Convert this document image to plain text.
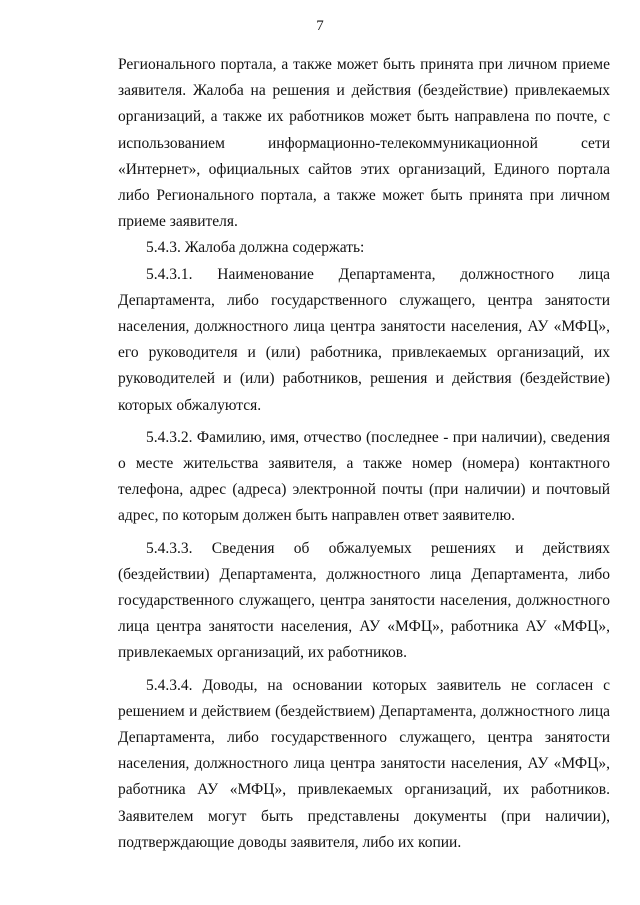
7

Регионального портала, а также может быть принята при личном приеме заявителя. Жалоба на решения и действия (бездействие) привлекаемых организаций, а также их работников может быть направлена по почте, с использованием информационно-телекоммуникационной сети «Интернет», официальных сайтов этих организаций, Единого портала либо Регионального портала, а также может быть принята при личном приеме заявителя.

5.4.3. Жалоба должна содержать:

5.4.3.1. Наименование Департамента, должностного лица Департамента, либо государственного служащего, центра занятости населения, должностного лица центра занятости населения, АУ «МФЦ», его руководителя и (или) работника, привлекаемых организаций, их руководителей и (или) работников, решения и действия (бездействие) которых обжалуются.

5.4.3.2. Фамилию, имя, отчество (последнее - при наличии), сведения о месте жительства заявителя, а также номер (номера) контактного телефона, адрес (адреса) электронной почты (при наличии) и почтовый адрес, по которым должен быть направлен ответ заявителю.

5.4.3.3. Сведения об обжалуемых решениях и действиях (бездействии) Департамента, должностного лица Департамента, либо государственного служащего, центра занятости населения, должностного лица центра занятости населения, АУ «МФЦ», работника АУ «МФЦ», привлекаемых организаций, их работников.

5.4.3.4. Доводы, на основании которых заявитель не согласен с решением и действием (бездействием) Департамента, должностного лица Департамента, либо государственного служащего, центра занятости населения, должностного лица центра занятости населения, АУ «МФЦ», работника АУ «МФЦ», привлекаемых организаций, их работников. Заявителем могут быть представлены документы (при наличии), подтверждающие доводы заявителя, либо их копии.
